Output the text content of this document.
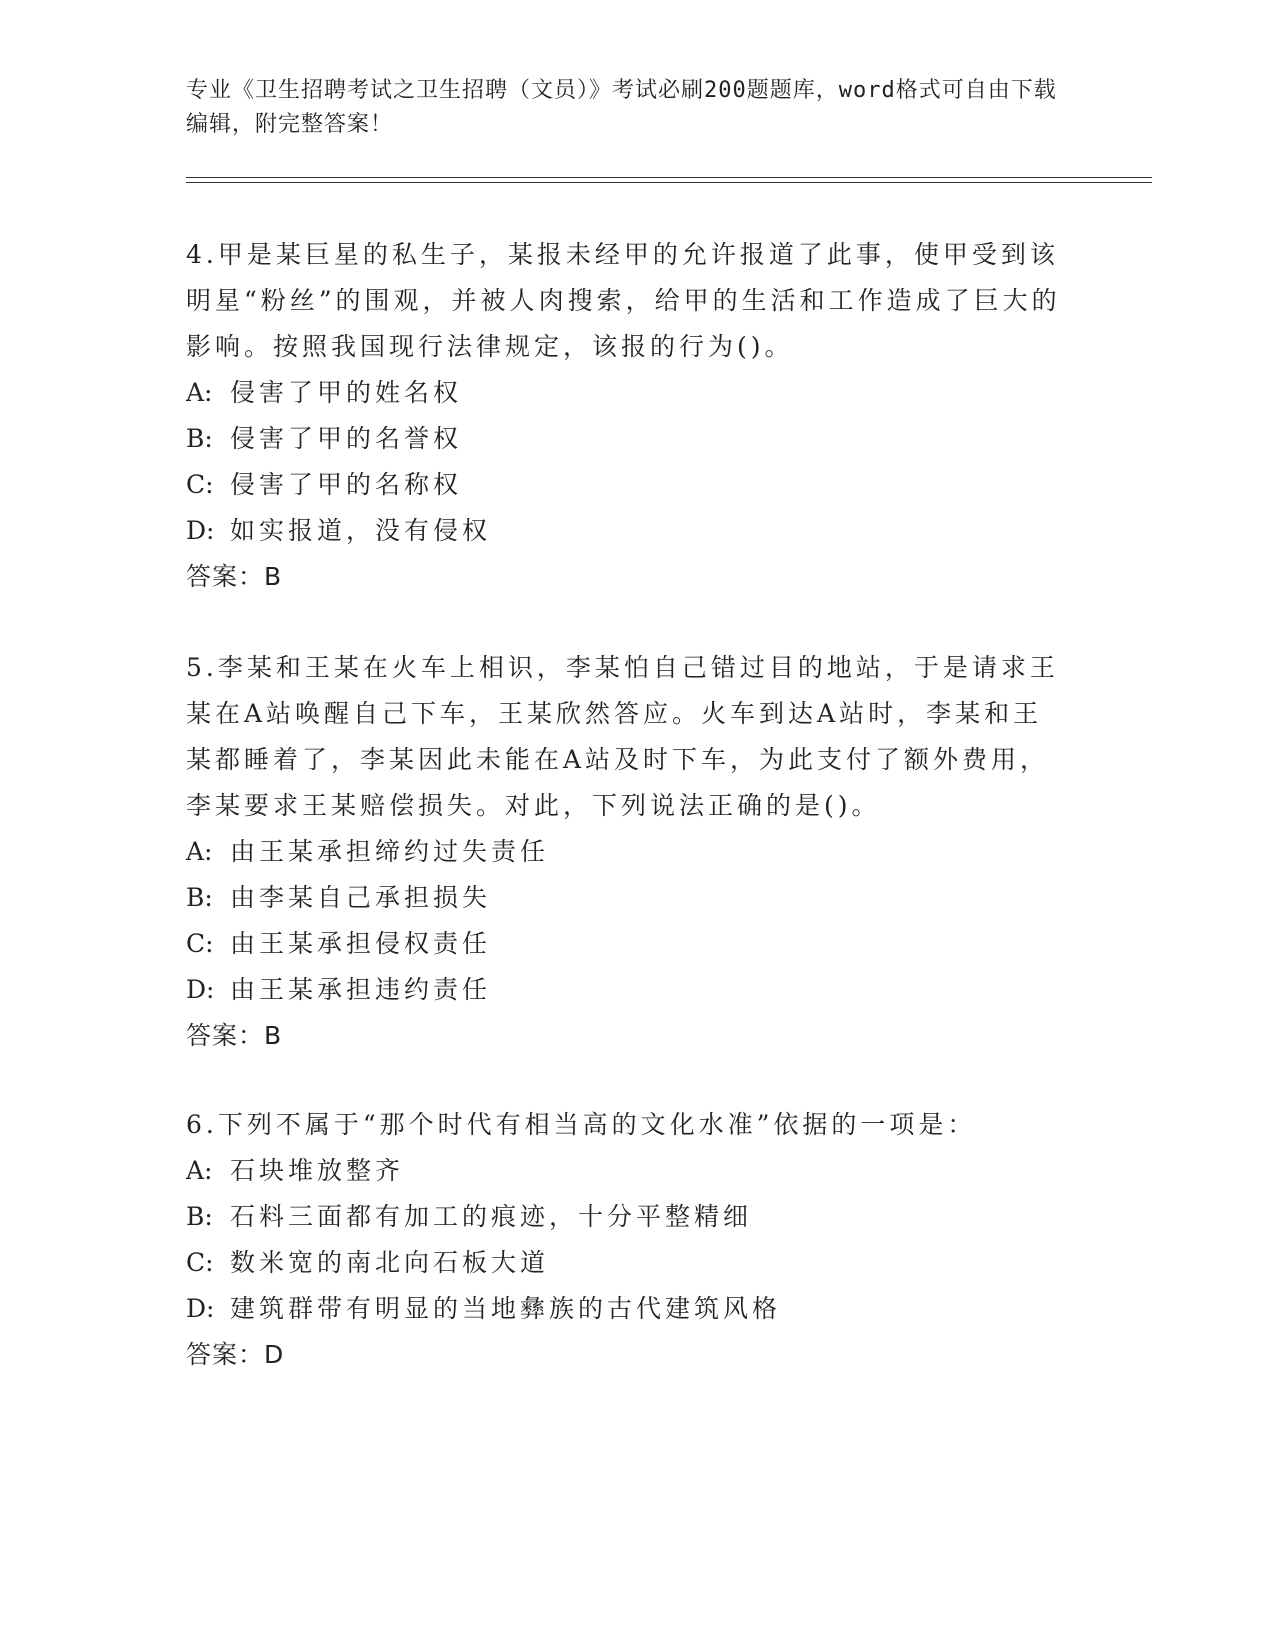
专业《卫生招聘考试之卫生招聘（文员）》考试必刷200题题库，word格式可自由下载编辑，附完整答案！

4.甲是某巨星的私生子，某报未经甲的允许报道了此事，使甲受到该明星“粉丝”的围观，并被人肉搜索，给甲的生活和工作造成了巨大的影响。按照我国现行法律规定，该报的行为()。

A: 侵害了甲的姓名权

B: 侵害了甲的名誉权

C: 侵害了甲的名称权

D: 如实报道，没有侵权

答案：B

5.李某和王某在火车上相识，李某怕自己错过目的地站，于是请求王某在A站唤醒自己下车，王某欣然答应。火车到达A站时，李某和王某都睡着了，李某因此未能在A站及时下车，为此支付了额外费用，李某要求王某赔偿损失。对此，下列说法正确的是()。

A: 由王某承担缔约过失责任

B: 由李某自己承担损失

C: 由王某承担侵权责任

D: 由王某承担违约责任

答案：B

6.下列不属于“那个时代有相当高的文化水准”依据的一项是：

A: 石块堆放整齐

B: 石料三面都有加工的痕迹，十分平整精细

C: 数米宽的南北向石板大道

D: 建筑群带有明显的当地彝族的古代建筑风格

答案：D
